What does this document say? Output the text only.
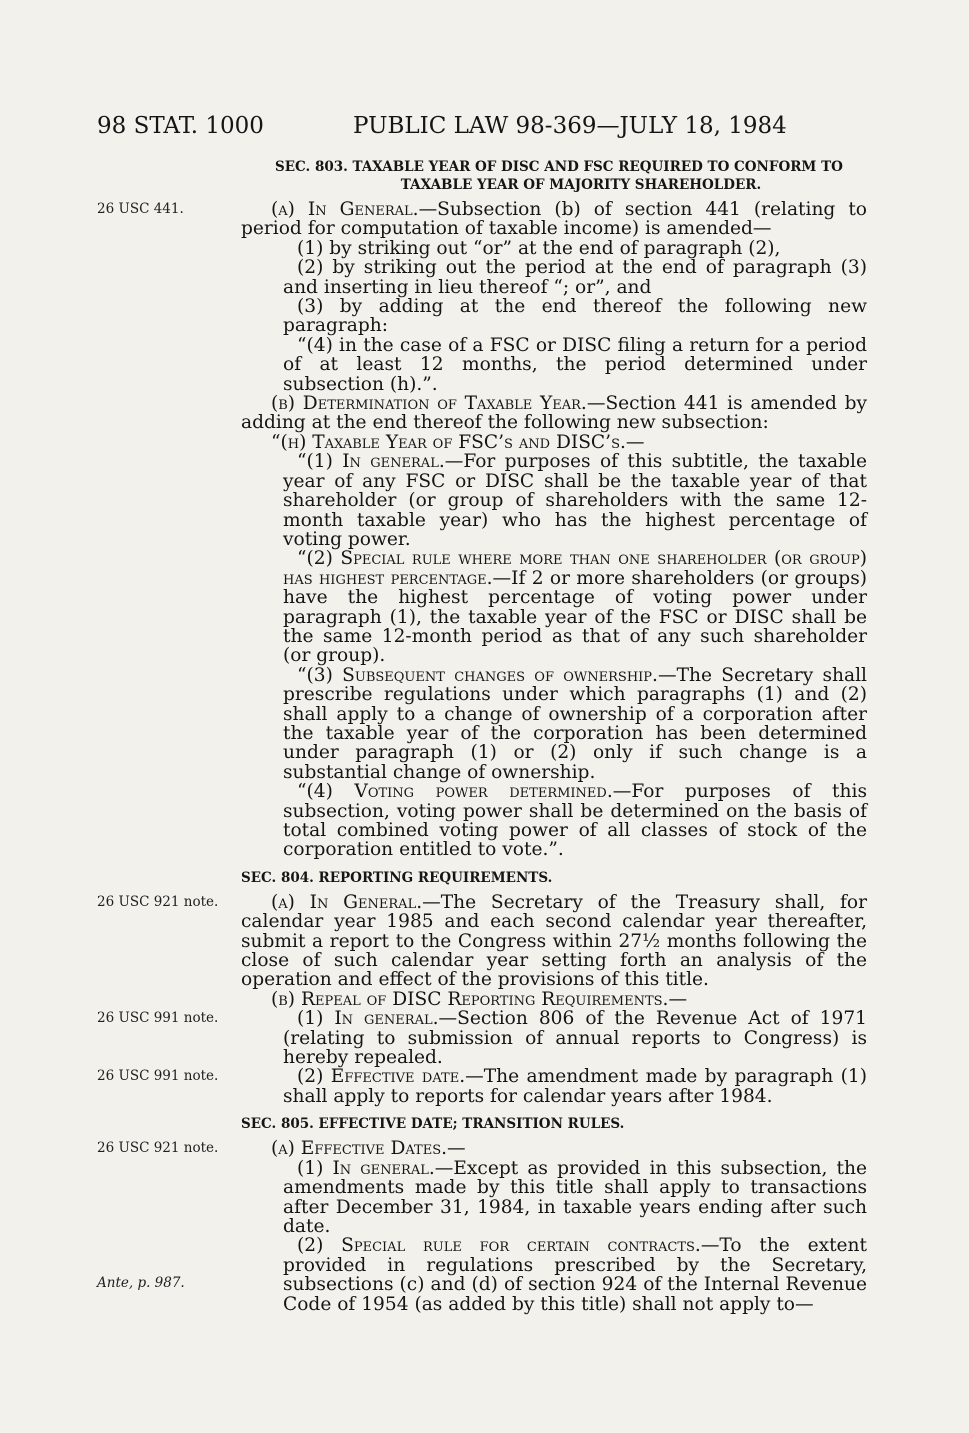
98 STAT. 1000	PUBLIC LAW 98-369—JULY 18, 1984
SEC. 803. TAXABLE YEAR OF DISC AND FSC REQUIRED TO CONFORM TO
TAXABLE YEAR OF MAJORITY SHAREHOLDER.

26 USC 441.	(a) In General.—Subsection (b) of section 441 (relating to period for computation of taxable income) is amended—

(1) by striking out “or” at the end of paragraph (2),

(2) by striking out the period at the end of paragraph (3) and inserting in lieu thereof “; or”, and

(3) by adding at the end thereof the following new paragraph:

“(4) in the case of a FSC or DISC filing a return for a period of at least 12 months, the period determined under subsection (h).”.

(b) Determination of Taxable Year.—Section 441 is amended by adding at the end thereof the following new subsection:

“(h) Taxable Year of FSC’s and DISC’s.—

“(1) In general.—For purposes of this subtitle, the taxable year of any FSC or DISC shall be the taxable year of that shareholder (or group of shareholders with the same 12-month taxable year) who has the highest percentage of voting power.

“(2) Special rule where more than one shareholder (or group) has highest percentage.—If 2 or more shareholders (or groups) have the highest percentage of voting power under paragraph (1), the taxable year of the FSC or DISC shall be the same 12-month period as that of any such shareholder (or group).

“(3) Subsequent changes of ownership.—The Secretary shall prescribe regulations under which paragraphs (1) and (2) shall apply to a change of ownership of a corporation after the taxable year of the corporation has been determined under paragraph (1) or (2) only if such change is a substantial change of ownership.

“(4) Voting power determined.—For purposes of this subsection, voting power shall be determined on the basis of total combined voting power of all classes of stock of the corporation entitled to vote.”.

SEC. 804. REPORTING REQUIREMENTS.

26 USC 921 note.	(a) In General.—The Secretary of the Treasury shall, for calendar year 1985 and each second calendar year thereafter, submit a report to the Congress within 27½ months following the close of such calendar year setting forth an analysis of the operation and effect of the provisions of this title.

(b) Repeal of DISC Reporting Requirements.—

26 USC 991 note.	(1) In general.—Section 806 of the Revenue Act of 1971 (relating to submission of annual reports to Congress) is hereby repealed.

26 USC 991 note.	(2) Effective date.—The amendment made by paragraph (1) shall apply to reports for calendar years after 1984.

SEC. 805. EFFECTIVE DATE; TRANSITION RULES.

26 USC 921 note.	(a) Effective Dates.—

(1) In general.—Except as provided in this subsection, the amendments made by this title shall apply to transactions after December 31, 1984, in taxable years ending after such date.

Ante, p. 987.
(2) Special rule for certain contracts.—To the extent provided in regulations prescribed by the Secretary, subsections (c) and (d) of section 924 of the Internal Revenue Code of 1954 (as added by this title) shall not apply to—
